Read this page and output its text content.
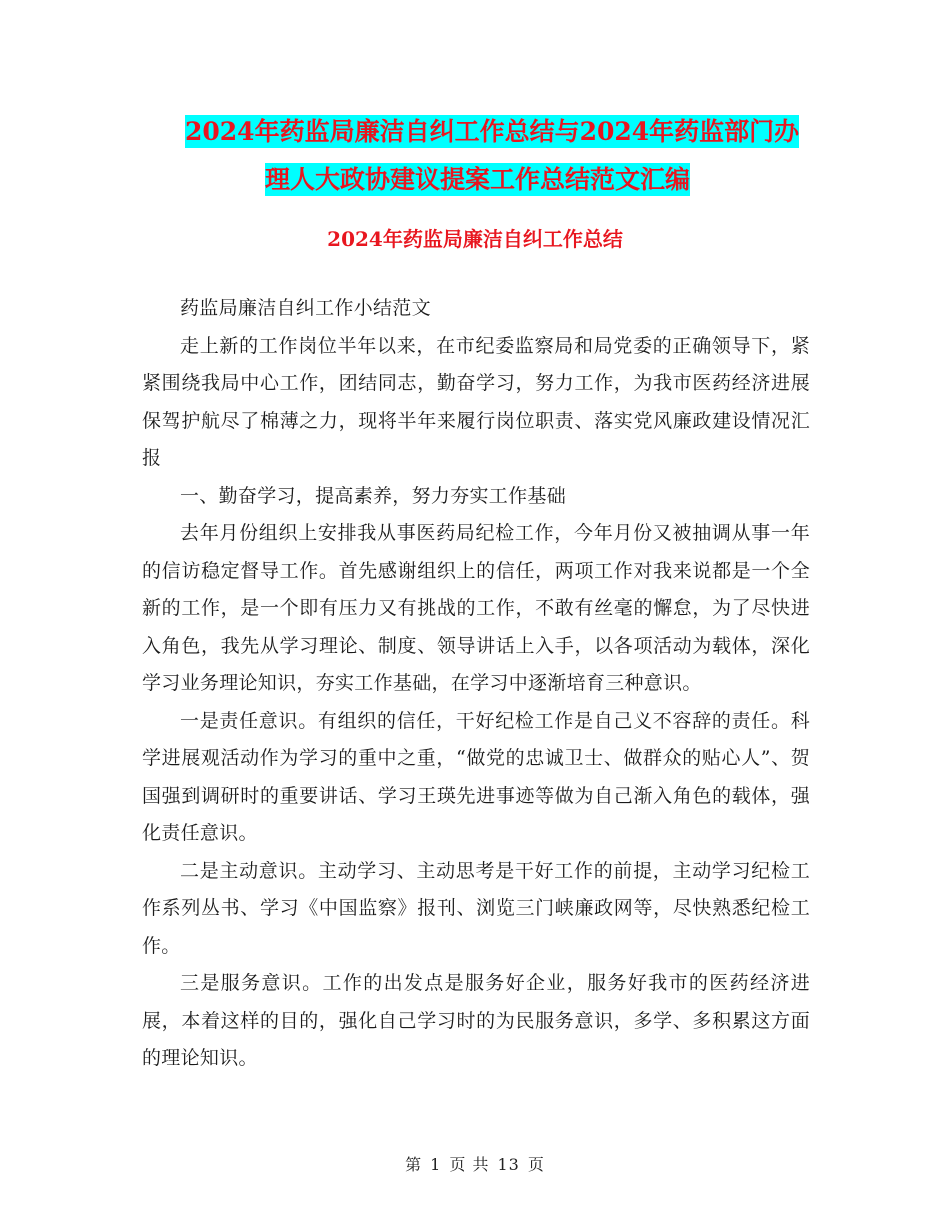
2024年药监局廉洁自纠工作总结与2024年药监部门办
理人大政协建议提案工作总结范文汇编
2024年药监局廉洁自纠工作总结

药监局廉洁自纠工作小结范文

走上新的工作岗位半年以来，在市纪委监察局和局党委的正确领导下，紧紧围绕我局中心工作，团结同志，勤奋学习，努力工作，为我市医药经济进展保驾护航尽了棉薄之力，现将半年来履行岗位职责、落实党风廉政建设情况汇报

一、勤奋学习，提高素养，努力夯实工作基础

去年月份组织上安排我从事医药局纪检工作，今年月份又被抽调从事一年的信访稳定督导工作。首先感谢组织上的信任，两项工作对我来说都是一个全新的工作，是一个即有压力又有挑战的工作，不敢有丝毫的懈怠，为了尽快进入角色，我先从学习理论、制度、领导讲话上入手，以各项活动为载体，深化学习业务理论知识，夯实工作基础，在学习中逐渐培育三种意识。

一是责任意识。有组织的信任，干好纪检工作是自己义不容辞的责任。科学进展观活动作为学习的重中之重，“做党的忠诚卫士、做群众的贴心人”、贺国强到调研时的重要讲话、学习王瑛先进事迹等做为自己渐入角色的载体，强化责任意识。

二是主动意识。主动学习、主动思考是干好工作的前提，主动学习纪检工作系列丛书、学习《中国监察》报刊、浏览三门峡廉政网等，尽快熟悉纪检工作。

三是服务意识。工作的出发点是服务好企业，服务好我市的医药经济进展，本着这样的目的，强化自己学习时的为民服务意识，多学、多积累这方面的理论知识。

第 1 页 共 13 页
